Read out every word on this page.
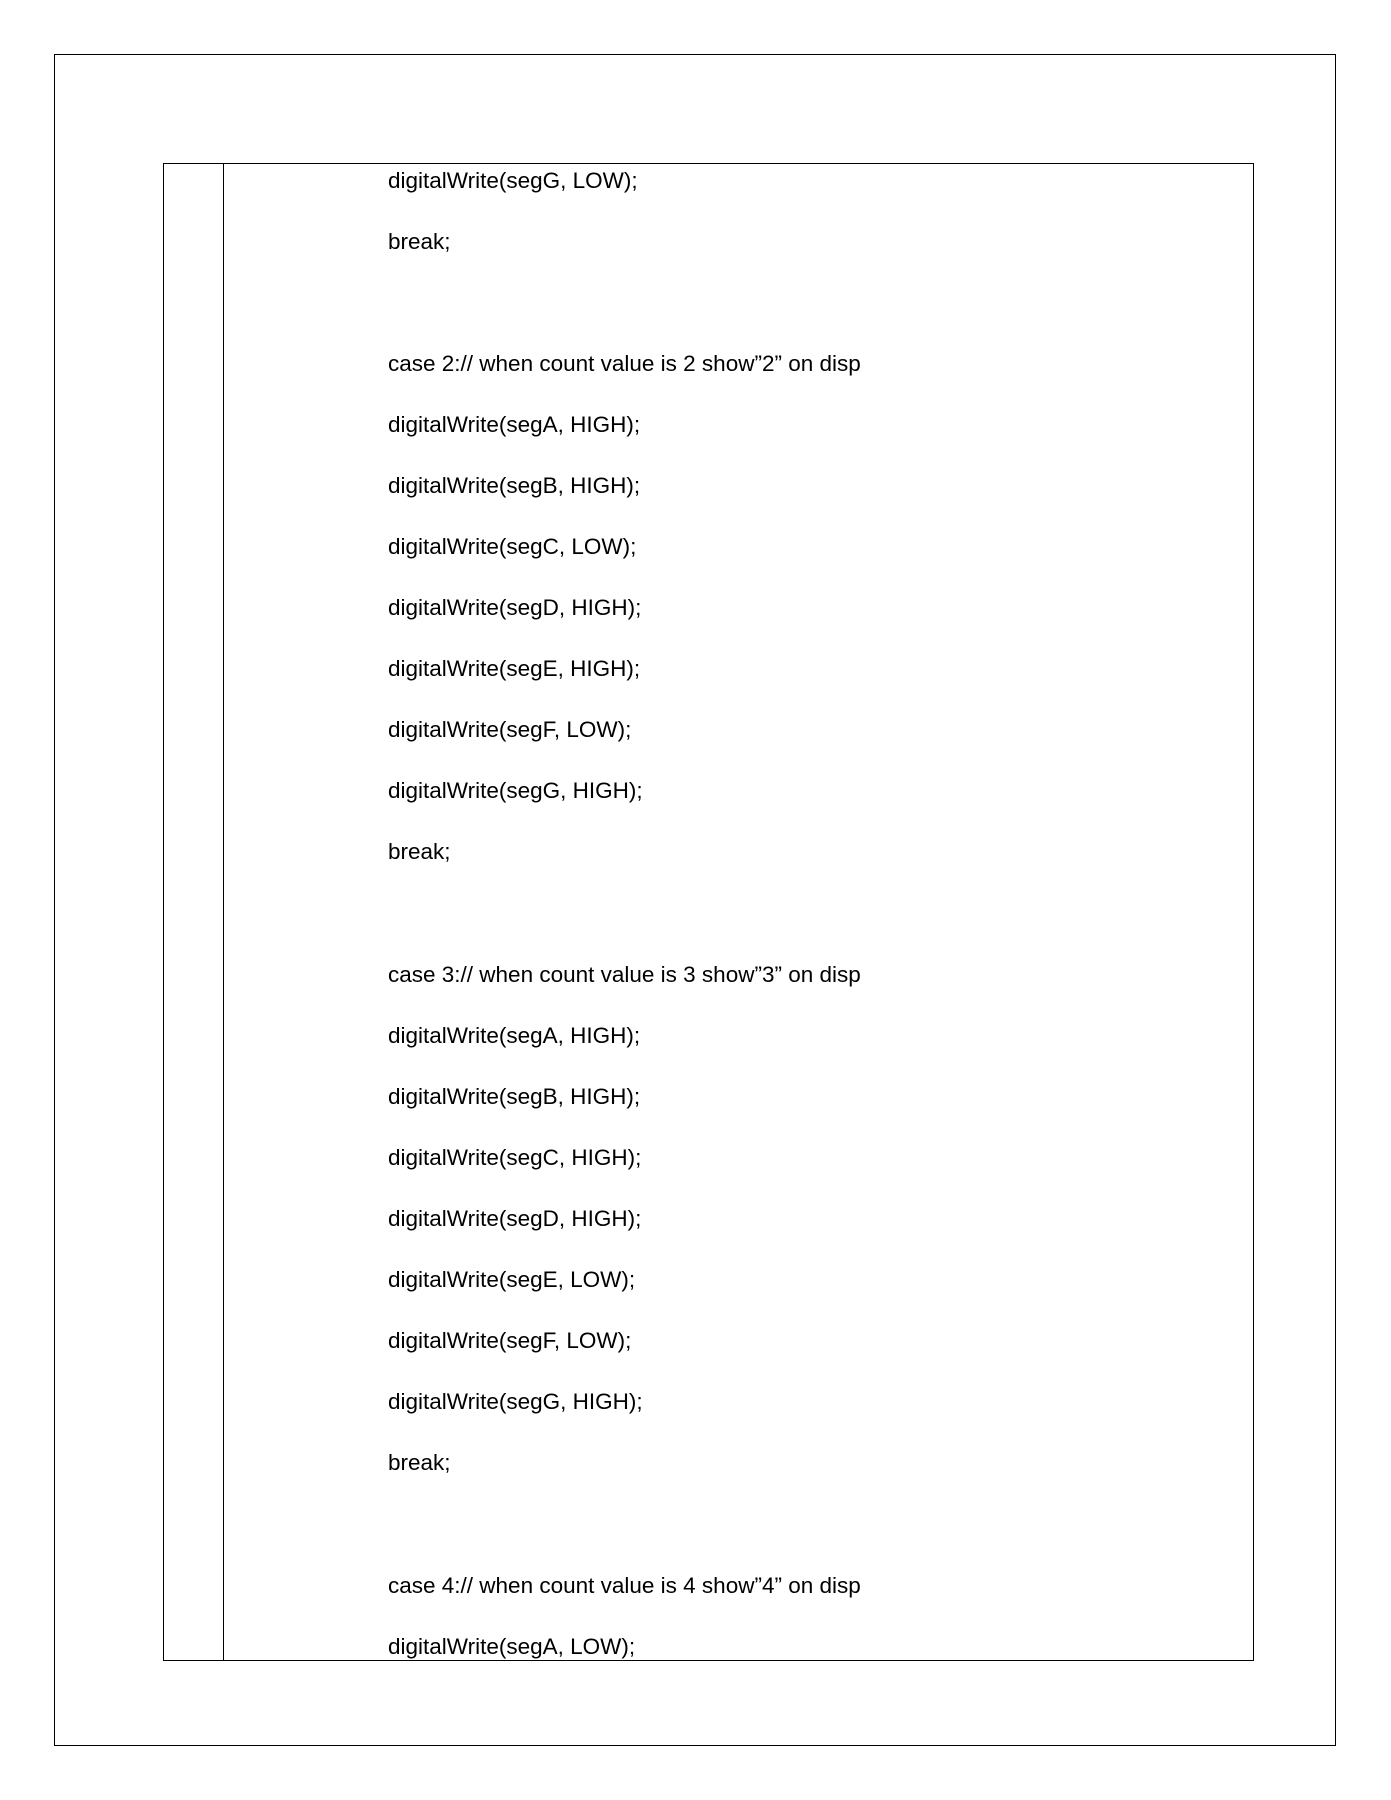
digitalWrite(segG, LOW);
break;
case 2:// when count value is 2 show”2” on disp
digitalWrite(segA, HIGH);
digitalWrite(segB, HIGH);
digitalWrite(segC, LOW);
digitalWrite(segD, HIGH);
digitalWrite(segE, HIGH);
digitalWrite(segF, LOW);
digitalWrite(segG, HIGH);
break;
case 3:// when count value is 3 show”3” on disp
digitalWrite(segA, HIGH);
digitalWrite(segB, HIGH);
digitalWrite(segC, HIGH);
digitalWrite(segD, HIGH);
digitalWrite(segE, LOW);
digitalWrite(segF, LOW);
digitalWrite(segG, HIGH);
break;
case 4:// when count value is 4 show”4” on disp
digitalWrite(segA, LOW);
